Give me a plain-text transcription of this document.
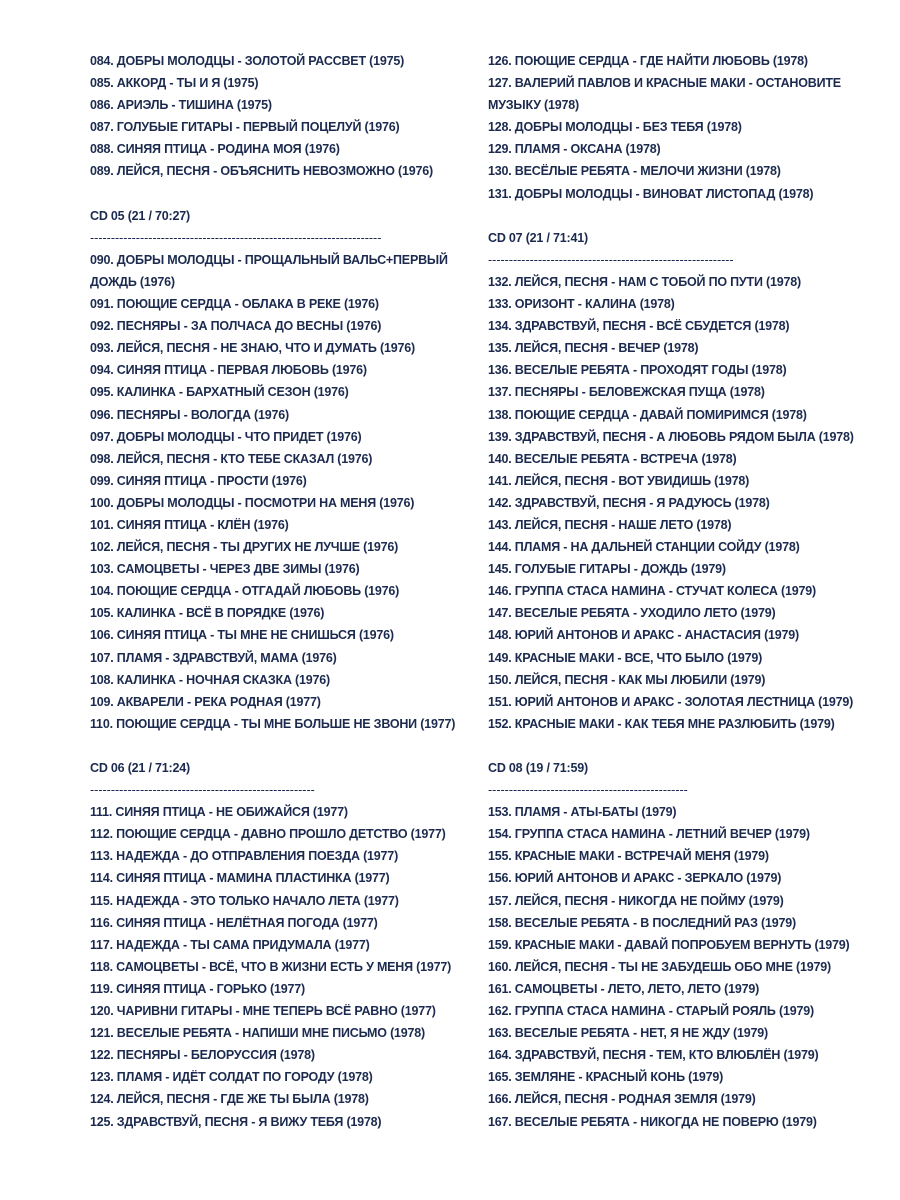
084. ДОБРЫ МОЛОДЦЫ - ЗОЛОТОЙ РАССВЕТ (1975)
085. АККОРД - ТЫ И Я (1975)
086. АРИЭЛЬ - ТИШИНА (1975)
087. ГОЛУБЫЕ ГИТАРЫ - ПЕРВЫЙ ПОЦЕЛУЙ (1976)
088. СИНЯЯ ПТИЦА - РОДИНА МОЯ (1976)
089. ЛЕЙСЯ, ПЕСНЯ - ОБЪЯСНИТЬ НЕВОЗМОЖНО (1976)
CD 05 (21 / 70:27)
----------------------------------------------------------------------
090. ДОБРЫ МОЛОДЦЫ - ПРОЩАЛЬНЫЙ ВАЛЬС+ПЕРВЫЙ ДОЖДЬ (1976)
091. ПОЮЩИЕ СЕРДЦА - ОБЛАКА В РЕКЕ (1976)
092. ПЕСНЯРЫ - ЗА ПОЛЧАСА ДО ВЕСНЫ (1976)
093. ЛЕЙСЯ, ПЕСНЯ - НЕ ЗНАЮ, ЧТО И ДУМАТЬ (1976)
094. СИНЯЯ ПТИЦА - ПЕРВАЯ ЛЮБОВЬ (1976)
095. КАЛИНКА - БАРХАТНЫЙ СЕЗОН (1976)
096. ПЕСНЯРЫ - ВОЛОГДА (1976)
097. ДОБРЫ МОЛОДЦЫ - ЧТО ПРИДЕТ (1976)
098. ЛЕЙСЯ, ПЕСНЯ - КТО ТЕБЕ СКАЗАЛ (1976)
099. СИНЯЯ ПТИЦА - ПРОСТИ (1976)
100. ДОБРЫ МОЛОДЦЫ - ПОСМОТРИ НА МЕНЯ (1976)
101. СИНЯЯ ПТИЦА - КЛЁН (1976)
102. ЛЕЙСЯ, ПЕСНЯ - ТЫ ДРУГИХ НЕ ЛУЧШЕ (1976)
103. САМОЦВЕТЫ - ЧЕРЕЗ ДВЕ ЗИМЫ (1976)
104. ПОЮЩИЕ СЕРДЦА - ОТГАДАЙ ЛЮБОВЬ (1976)
105. КАЛИНКА - ВСЁ В ПОРЯДКЕ (1976)
106. СИНЯЯ ПТИЦА - ТЫ МНЕ НЕ СНИШЬСЯ (1976)
107. ПЛАМЯ - ЗДРАВСТВУЙ, МАМА (1976)
108. КАЛИНКА - НОЧНАЯ СКАЗКА (1976)
109. АКВАРЕЛИ - РЕКА РОДНАЯ (1977)
110. ПОЮЩИЕ СЕРДЦА - ТЫ МНЕ БОЛЬШЕ НЕ ЗВОНИ (1977)
CD 06 (21 / 71:24)
------------------------------------------------------
111. СИНЯЯ ПТИЦА - НЕ ОБИЖАЙСЯ (1977)
112. ПОЮЩИЕ СЕРДЦА - ДАВНО ПРОШЛО ДЕТСТВО (1977)
113. НАДЕЖДА - ДО ОТПРАВЛЕНИЯ ПОЕЗДА (1977)
114. СИНЯЯ ПТИЦА - МАМИНА ПЛАСТИНКА (1977)
115. НАДЕЖДА - ЭТО ТОЛЬКО НАЧАЛО ЛЕТА (1977)
116. СИНЯЯ ПТИЦА - НЕЛЁТНАЯ ПОГОДА (1977)
117. НАДЕЖДА - ТЫ САМА ПРИДУМАЛА (1977)
118. САМОЦВЕТЫ - ВСЁ, ЧТО В ЖИЗНИ ЕСТЬ У МЕНЯ (1977)
119. СИНЯЯ ПТИЦА - ГОРЬКО (1977)
120. ЧАРИВНИ ГИТАРЫ - МНЕ ТЕПЕРЬ ВСЁ РАВНО (1977)
121. ВЕСЕЛЫЕ РЕБЯТА - НАПИШИ МНЕ ПИСЬМО (1978)
122. ПЕСНЯРЫ - БЕЛОРУССИЯ (1978)
123. ПЛАМЯ - ИДЁТ СОЛДАТ ПО ГОРОДУ (1978)
124. ЛЕЙСЯ, ПЕСНЯ - ГДЕ ЖЕ ТЫ БЫЛА (1978)
125. ЗДРАВСТВУЙ, ПЕСНЯ - Я ВИЖУ ТЕБЯ (1978)
126. ПОЮЩИЕ СЕРДЦА - ГДЕ НАЙТИ ЛЮБОВЬ (1978)
127. ВАЛЕРИЙ ПАВЛОВ И КРАСНЫЕ МАКИ - ОСТАНОВИТЕ МУЗЫКУ (1978)
128. ДОБРЫ МОЛОДЦЫ - БЕЗ ТЕБЯ (1978)
129. ПЛАМЯ - ОКСАНА (1978)
130. ВЕСЁЛЫЕ РЕБЯТА - МЕЛОЧИ ЖИЗНИ (1978)
131. ДОБРЫ МОЛОДЦЫ - ВИНОВАТ ЛИСТОПАД (1978)
CD 07 (21 / 71:41)
-----------------------------------------------------------
132. ЛЕЙСЯ, ПЕСНЯ - НАМ С ТОБОЙ ПО ПУТИ (1978)
133. ОРИЗОНТ - КАЛИНА (1978)
134. ЗДРАВСТВУЙ, ПЕСНЯ - ВСЁ СБУДЕТСЯ (1978)
135. ЛЕЙСЯ, ПЕСНЯ - ВЕЧЕР (1978)
136. ВЕСЕЛЫЕ РЕБЯТА - ПРОХОДЯТ ГОДЫ (1978)
137. ПЕСНЯРЫ - БЕЛОВЕЖСКАЯ ПУЩА (1978)
138. ПОЮЩИЕ СЕРДЦА - ДАВАЙ ПОМИРИМСЯ (1978)
139. ЗДРАВСТВУЙ, ПЕСНЯ - А ЛЮБОВЬ РЯДОМ БЫЛА (1978)
140. ВЕСЕЛЫЕ РЕБЯТА - ВСТРЕЧА (1978)
141. ЛЕЙСЯ, ПЕСНЯ - ВОТ УВИДИШЬ (1978)
142. ЗДРАВСТВУЙ, ПЕСНЯ - Я РАДУЮСЬ (1978)
143. ЛЕЙСЯ, ПЕСНЯ - НАШЕ ЛЕТО (1978)
144. ПЛАМЯ - НА ДАЛЬНЕЙ СТАНЦИИ СОЙДУ (1978)
145. ГОЛУБЫЕ ГИТАРЫ - ДОЖДЬ (1979)
146. ГРУППА СТАСА НАМИНА - СТУЧАТ КОЛЕСА (1979)
147. ВЕСЕЛЫЕ РЕБЯТА - УХОДИЛО ЛЕТО (1979)
148. ЮРИЙ АНТОНОВ И АРАКС - АНАСТАСИЯ (1979)
149. КРАСНЫЕ МАКИ - ВСЕ, ЧТО БЫЛО (1979)
150. ЛЕЙСЯ, ПЕСНЯ - КАК МЫ ЛЮБИЛИ (1979)
151. ЮРИЙ АНТОНОВ И АРАКС - ЗОЛОТАЯ ЛЕСТНИЦА (1979)
152. КРАСНЫЕ МАКИ - КАК ТЕБЯ МНЕ РАЗЛЮБИТЬ (1979)
CD 08 (19 / 71:59)
------------------------------------------------
153. ПЛАМЯ - АТЫ-БАТЫ (1979)
154. ГРУППА СТАСА НАМИНА - ЛЕТНИЙ ВЕЧЕР (1979)
155. КРАСНЫЕ МАКИ - ВСТРЕЧАЙ МЕНЯ (1979)
156. ЮРИЙ АНТОНОВ И АРАКС - ЗЕРКАЛО (1979)
157. ЛЕЙСЯ, ПЕСНЯ - НИКОГДА НЕ ПОЙМУ (1979)
158. ВЕСЕЛЫЕ РЕБЯТА - В ПОСЛЕДНИЙ РАЗ (1979)
159. КРАСНЫЕ МАКИ - ДАВАЙ ПОПРОБУЕМ ВЕРНУТЬ (1979)
160. ЛЕЙСЯ, ПЕСНЯ - ТЫ НЕ ЗАБУДЕШЬ ОБО МНЕ (1979)
161. САМОЦВЕТЫ - ЛЕТО, ЛЕТО, ЛЕТО (1979)
162. ГРУППА СТАСА НАМИНА - СТАРЫЙ РОЯЛЬ (1979)
163. ВЕСЕЛЫЕ РЕБЯТА - НЕТ, Я НЕ ЖДУ (1979)
164. ЗДРАВСТВУЙ, ПЕСНЯ - ТЕМ, КТО ВЛЮБЛЁН (1979)
165. ЗЕМЛЯНЕ - КРАСНЫЙ КОНЬ (1979)
166. ЛЕЙСЯ, ПЕСНЯ - РОДНАЯ ЗЕМЛЯ (1979)
167. ВЕСЕЛЫЕ РЕБЯТА - НИКОГДА НЕ ПОВЕРЮ (1979)
